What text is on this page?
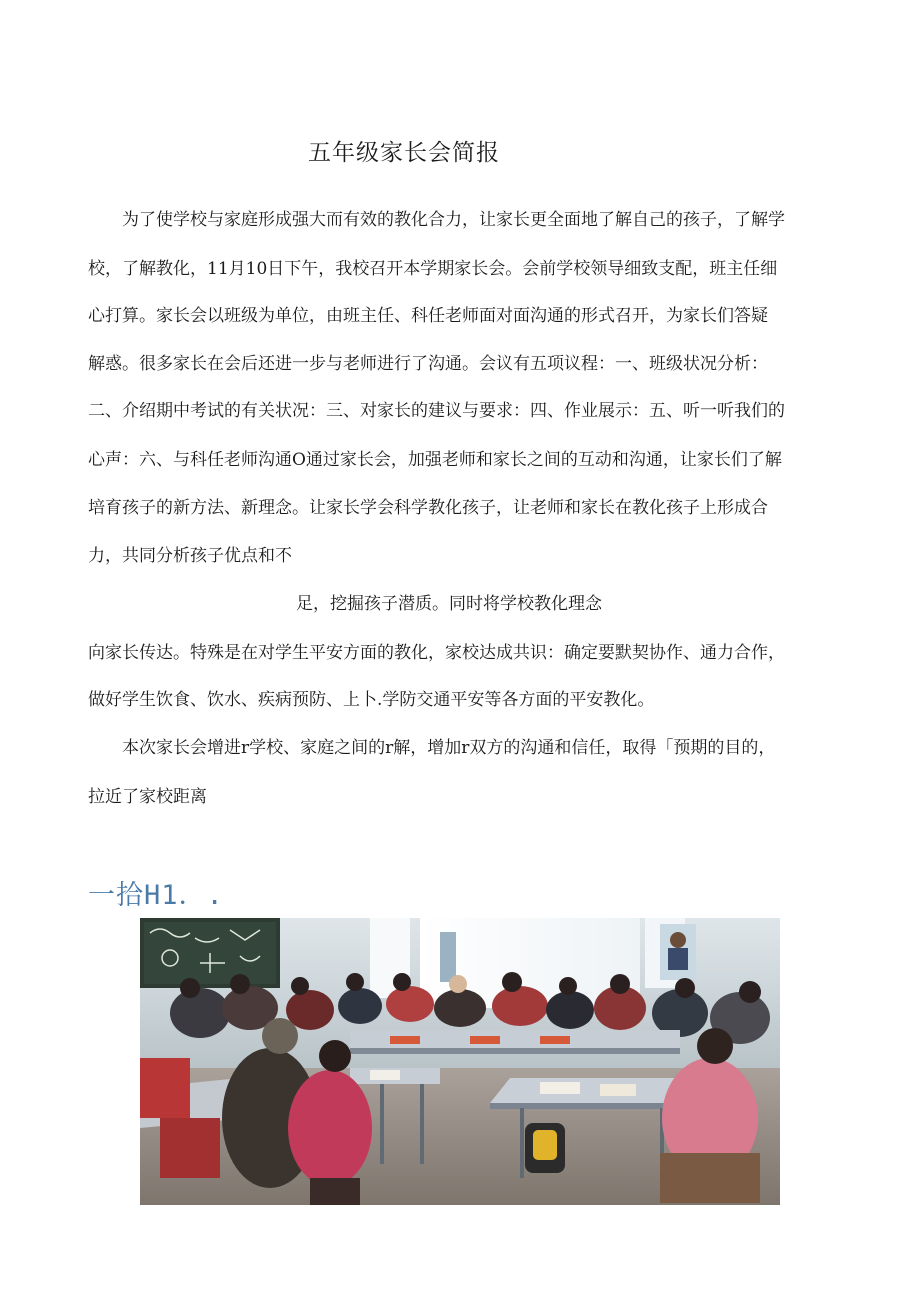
五年级家长会简报
为了使学校与家庭形成强大而有效的教化合力，让家长更全面地了解自己的孩子，了解学
校，了解教化，11月10日下午，我校召开本学期家长会。会前学校领导细致支配，班主任细
心打算。家长会以班级为单位，由班主任、科任老师面对面沟通的形式召开，为家长们答疑
解惑。很多家长在会后还进一步与老师进行了沟通。会议有五项议程：一、班级状况分析：
二、介绍期中考试的有关状况：三、对家长的建议与要求：四、作业展示：五、听一听我们的
心声：六、与科任老师沟通O通过家长会，加强老师和家长之间的互动和沟通，让家长们了解
培育孩子的新方法、新理念。让家长学会科学教化孩子，让老师和家长在教化孩子上形成合
力，共同分析孩子优点和不
足，挖掘孩子潜质。同时将学校教化理念
向家长传达。特殊是在对学生平安方面的教化，家校达成共识：确定要默契协作、通力合作，
做好学生饮食、饮水、疾病预防、上卜.学防交通平安等各方面的平安教化。
本次家长会增进r学校、家庭之间的r解，增加r双方的沟通和信任，取得「预期的目的，
拉近了家校距离
一拾H1．.
